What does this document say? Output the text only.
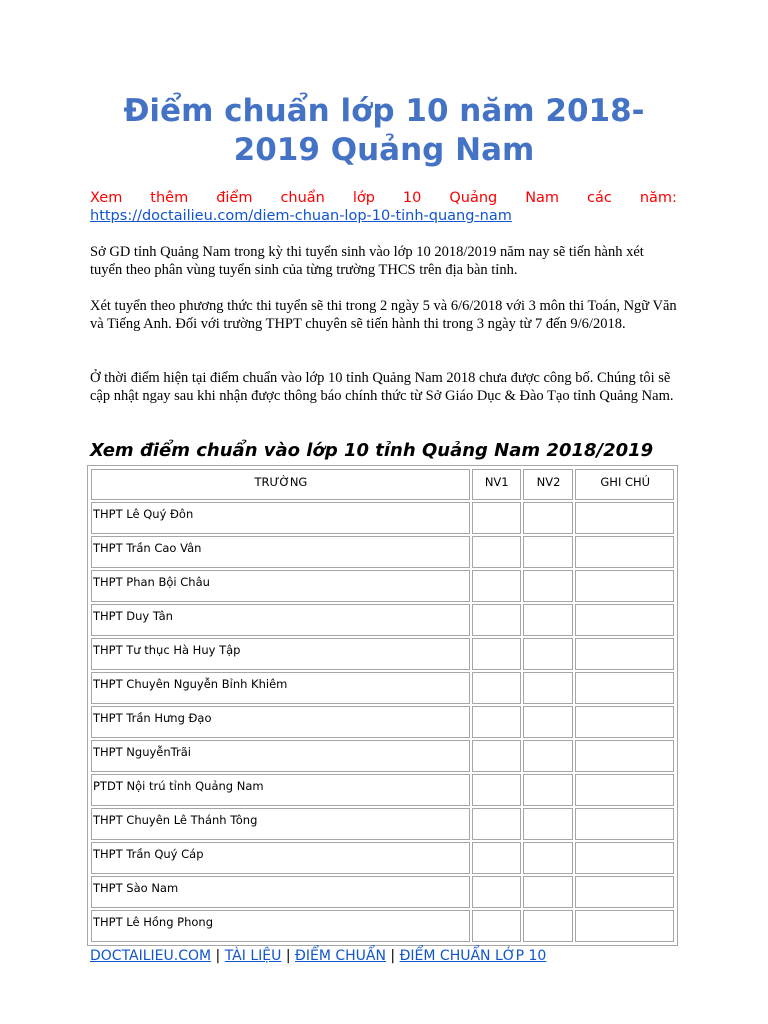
Điểm chuẩn lớp 10 năm 2018-
2019 Quảng Nam
Xem thêm điểm chuẩn lớp 10 Quảng Nam các năm:
https://doctailieu.com/diem-chuan-lop-10-tinh-quang-nam

Sở GD tỉnh Quảng Nam trong kỳ thi tuyển sinh vào lớp 10 2018/2019 năm nay sẽ tiến hành xét tuyển theo phân vùng tuyển sinh của từng trường THCS trên địa bàn tỉnh.

Xét tuyển theo phương thức thi tuyển sẽ thi trong 2 ngày 5 và 6/6/2018 với 3 môn thi Toán, Ngữ Văn và Tiếng Anh. Đối với trường THPT chuyên sẽ tiến hành thi trong 3 ngày từ 7 đến 9/6/2018.

Ở thời điểm hiện tại điểm chuẩn vào lớp 10 tỉnh Quảng Nam 2018 chưa được công bố. Chúng tôi sẽ cập nhật ngay sau khi nhận được thông báo chính thức từ Sở Giáo Dục & Đào Tạo tỉnh Quảng Nam.

Xem điểm chuẩn vào lớp 10 tỉnh Quảng Nam 2018/2019
TRƯỜNG	NV1	NV2	GHI CHÚ
THPT Lê Quý Đôn			
THPT Trần Cao Vân			
THPT Phan Bội Châu			
THPT Duy Tân			
THPT Tư thục Hà Huy Tập			
THPT Chuyên Nguyễn Bỉnh Khiêm			
THPT Trần Hưng Đạo			
THPT NguyễnTrãi			
PTDT Nội trú tỉnh Quảng Nam			
THPT Chuyên Lê Thánh Tông			
THPT Trần Quý Cáp			
THPT Sào Nam			
THPT Lê Hồng Phong			

DOCTAILIEU.COM | TÀI LIỆU | ĐIỂM CHUẨN | ĐIỂM CHUẨN LỚP 10
